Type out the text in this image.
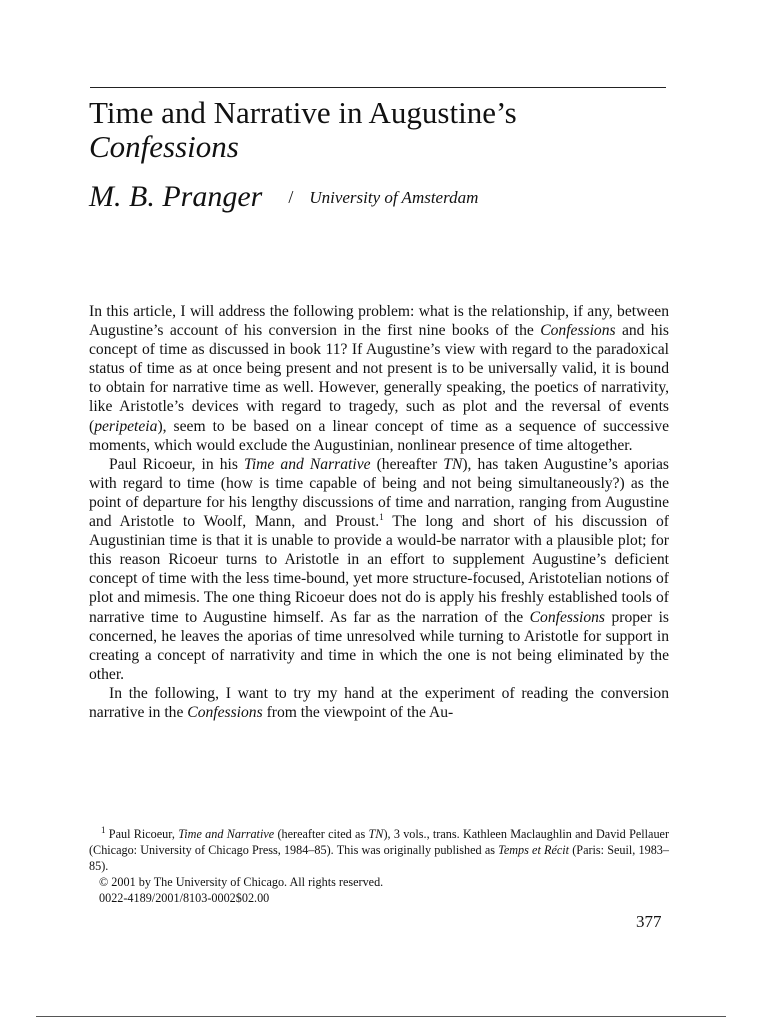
Time and Narrative in Augustine’s
Confessions
M. B. Pranger / University of Amsterdam

In this article, I will address the following problem: what is the relationship, if any, between Augustine’s account of his conversion in the first nine books of the Confessions and his concept of time as discussed in book 11? If Augustine’s view with regard to the paradoxical status of time as at once being present and not present is to be universally valid, it is bound to obtain for narrative time as well. However, generally speaking, the poetics of narrativity, like Aristotle’s devices with regard to tragedy, such as plot and the reversal of events (peripeteia), seem to be based on a linear concept of time as a sequence of successive moments, which would exclude the Augustinian, nonlinear presence of time altogether.

Paul Ricoeur, in his Time and Narrative (hereafter TN), has taken Augustine’s aporias with regard to time (how is time capable of being and not being simultaneously?) as the point of departure for his lengthy discussions of time and narration, ranging from Augustine and Aristotle to Woolf, Mann, and Proust.$^1$ The long and short of his discussion of Augustinian time is that it is unable to provide a would-be narrator with a plausible plot; for this reason Ricoeur turns to Aristotle in an effort to supplement Augustine’s deficient concept of time with the less time-bound, yet more structure-focused, Aristotelian notions of plot and mimesis. The one thing Ricoeur does not do is apply his freshly established tools of narrative time to Augustine himself. As far as the narration of the Confessions proper is concerned, he leaves the aporias of time unresolved while turning to Aristotle for support in creating a concept of narrativity and time in which the one is not being eliminated by the other.

In the following, I want to try my hand at the experiment of reading the conversion narrative in the Confessions from the viewpoint of the Au-

$^1$ Paul Ricoeur, Time and Narrative (hereafter cited as TN), 3 vols., trans. Kathleen Maclaughlin and David Pellauer (Chicago: University of Chicago Press, 1984–85). This was originally published as Temps et Récit (Paris: Seuil, 1983–85).

© 2001 by The University of Chicago. All rights reserved.

0022-4189/2001/8103-0002$02.00

377
